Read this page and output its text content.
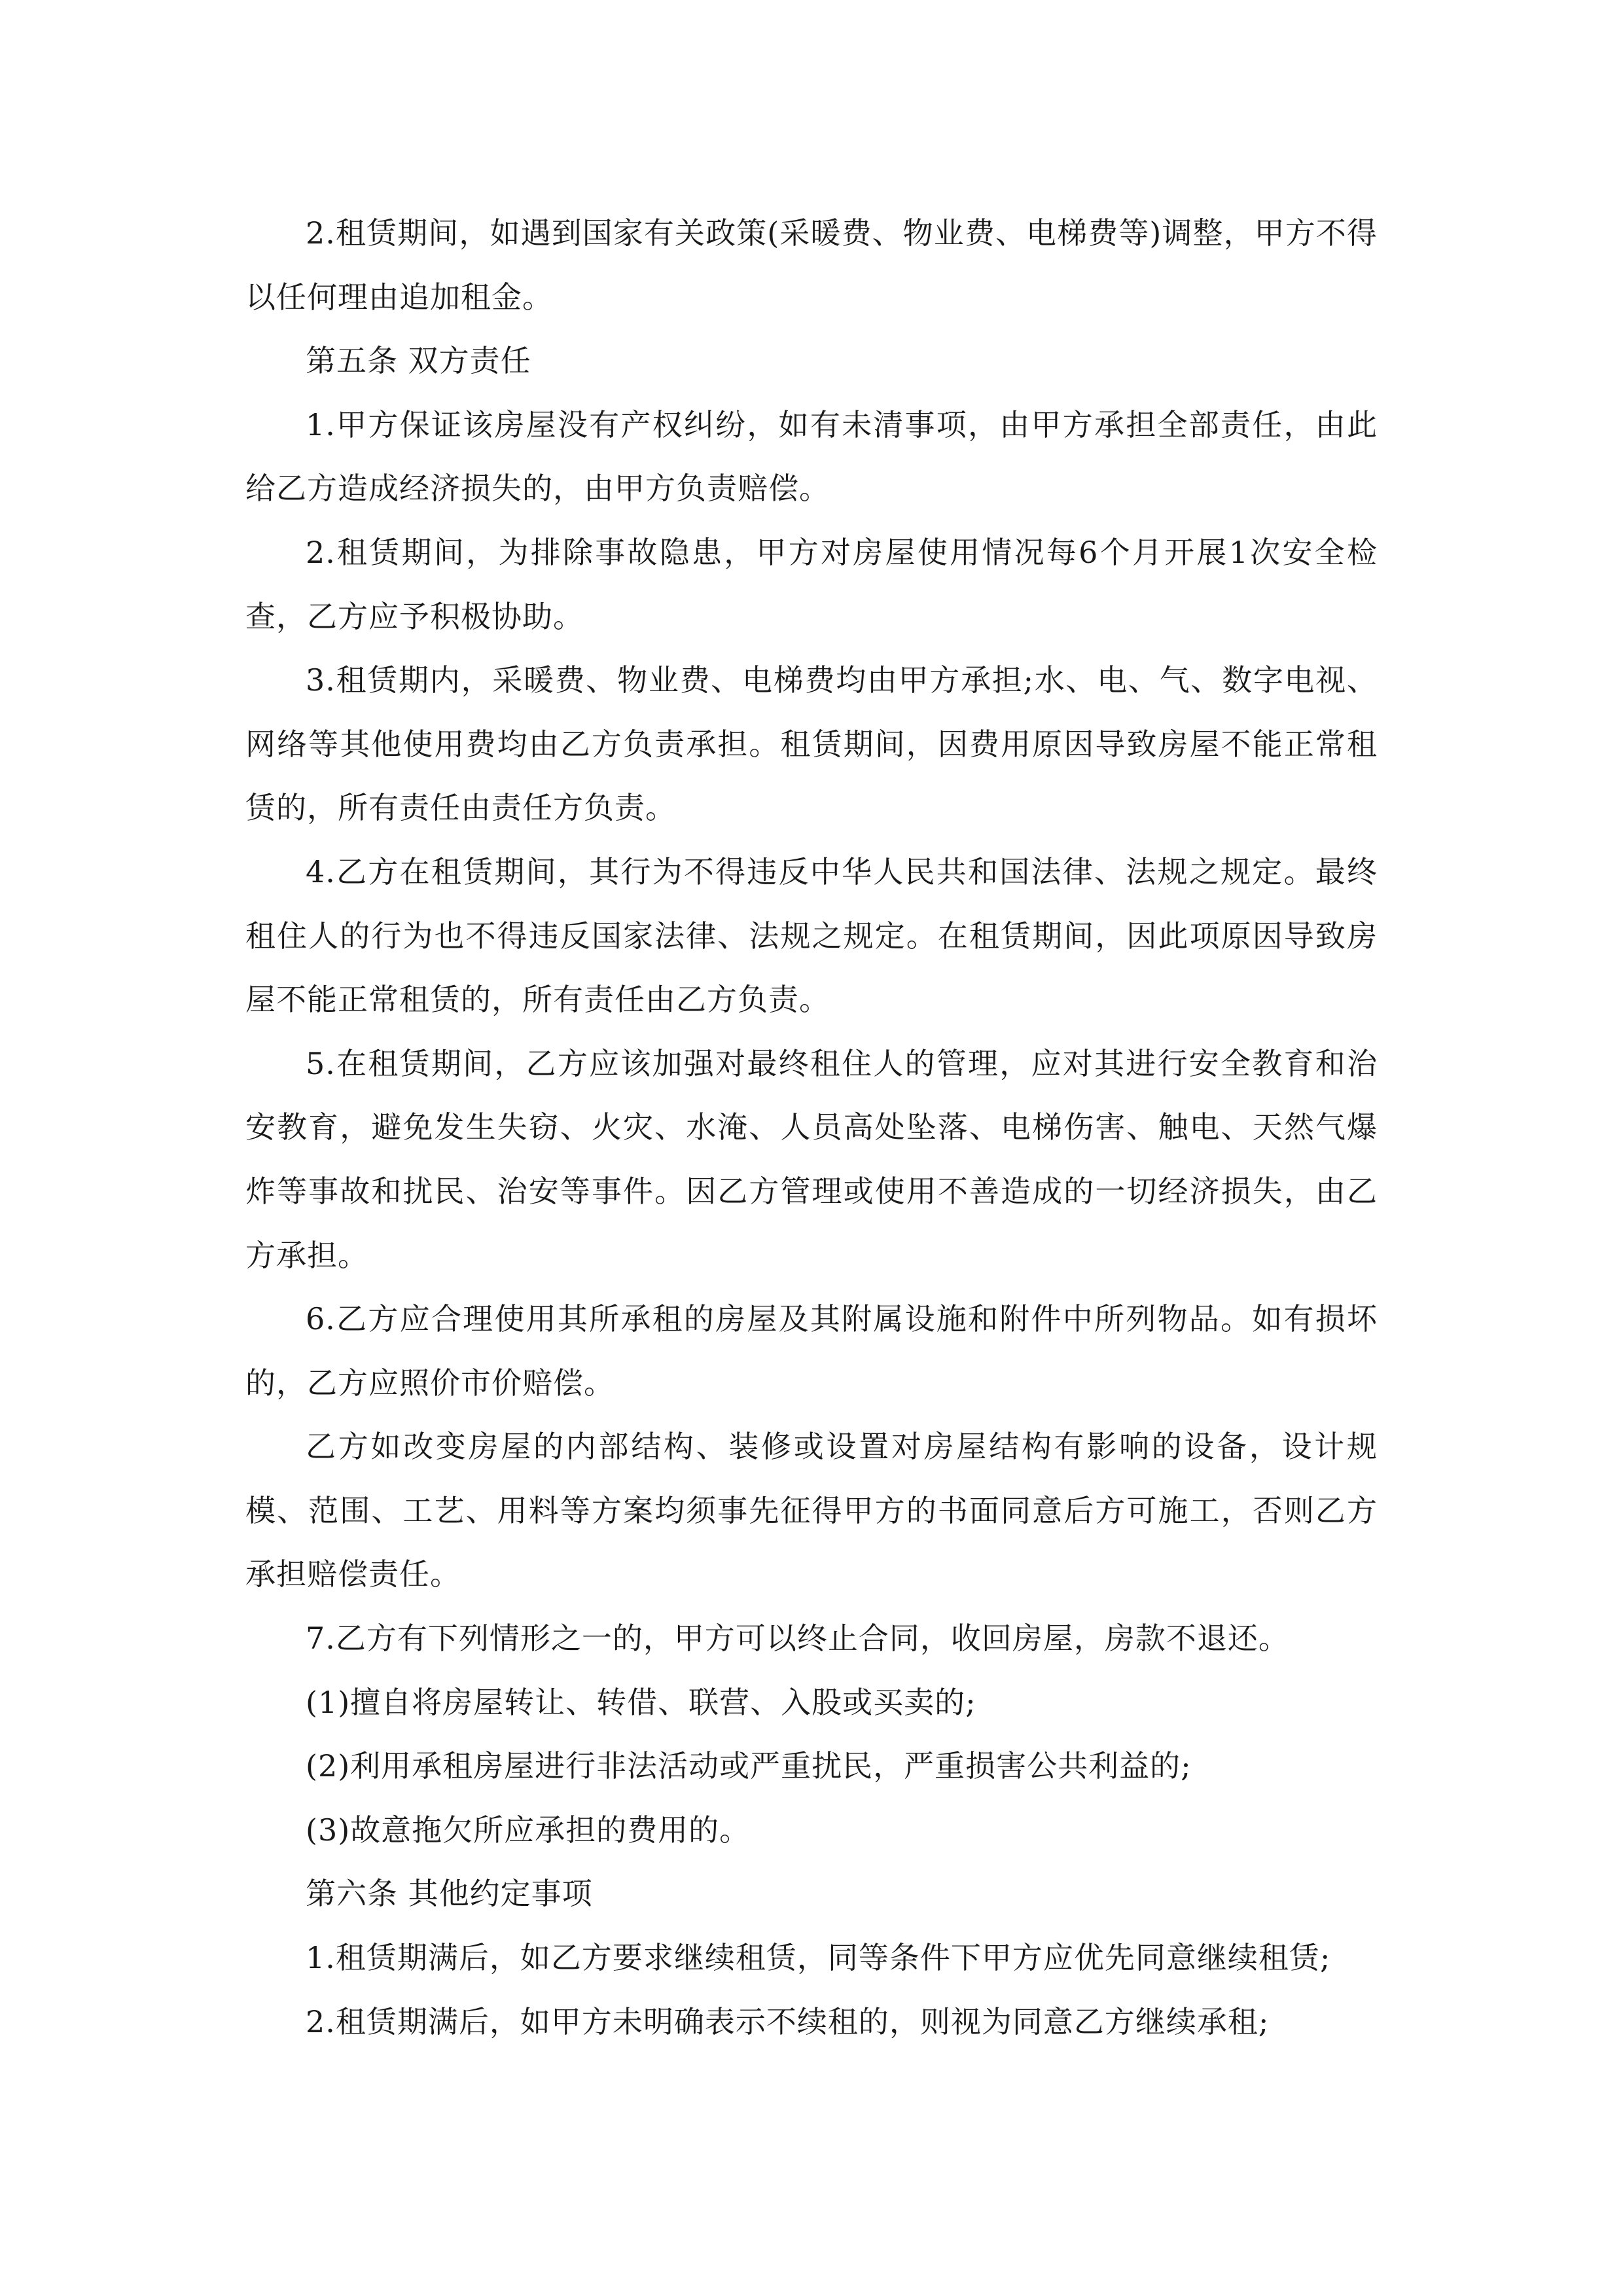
2.租赁期间，如遇到国家有关政策(采暖费、物业费、电梯费等)调整，甲方不得以任何理由追加租金。

第五条 双方责任

1.甲方保证该房屋没有产权纠纷，如有未清事项，由甲方承担全部责任，由此给乙方造成经济损失的，由甲方负责赔偿。

2.租赁期间，为排除事故隐患，甲方对房屋使用情况每6个月开展1次安全检查，乙方应予积极协助。

3.租赁期内，采暖费、物业费、电梯费均由甲方承担;水、电、气、数字电视、网络等其他使用费均由乙方负责承担。租赁期间，因费用原因导致房屋不能正常租赁的，所有责任由责任方负责。

4.乙方在租赁期间，其行为不得违反中华人民共和国法律、法规之规定。最终租住人的行为也不得违反国家法律、法规之规定。在租赁期间，因此项原因导致房屋不能正常租赁的，所有责任由乙方负责。

5.在租赁期间，乙方应该加强对最终租住人的管理，应对其进行安全教育和治安教育，避免发生失窃、火灾、水淹、人员高处坠落、电梯伤害、触电、天然气爆炸等事故和扰民、治安等事件。因乙方管理或使用不善造成的一切经济损失，由乙方承担。

6.乙方应合理使用其所承租的房屋及其附属设施和附件中所列物品。如有损坏的，乙方应照价市价赔偿。

乙方如改变房屋的内部结构、装修或设置对房屋结构有影响的设备，设计规模、范围、工艺、用料等方案均须事先征得甲方的书面同意后方可施工，否则乙方承担赔偿责任。

7.乙方有下列情形之一的，甲方可以终止合同，收回房屋，房款不退还。

(1)擅自将房屋转让、转借、联营、入股或买卖的;

(2)利用承租房屋进行非法活动或严重扰民，严重损害公共利益的;

(3)故意拖欠所应承担的费用的。

第六条 其他约定事项

1.租赁期满后，如乙方要求继续租赁，同等条件下甲方应优先同意继续租赁;

2.租赁期满后，如甲方未明确表示不续租的，则视为同意乙方继续承租;
